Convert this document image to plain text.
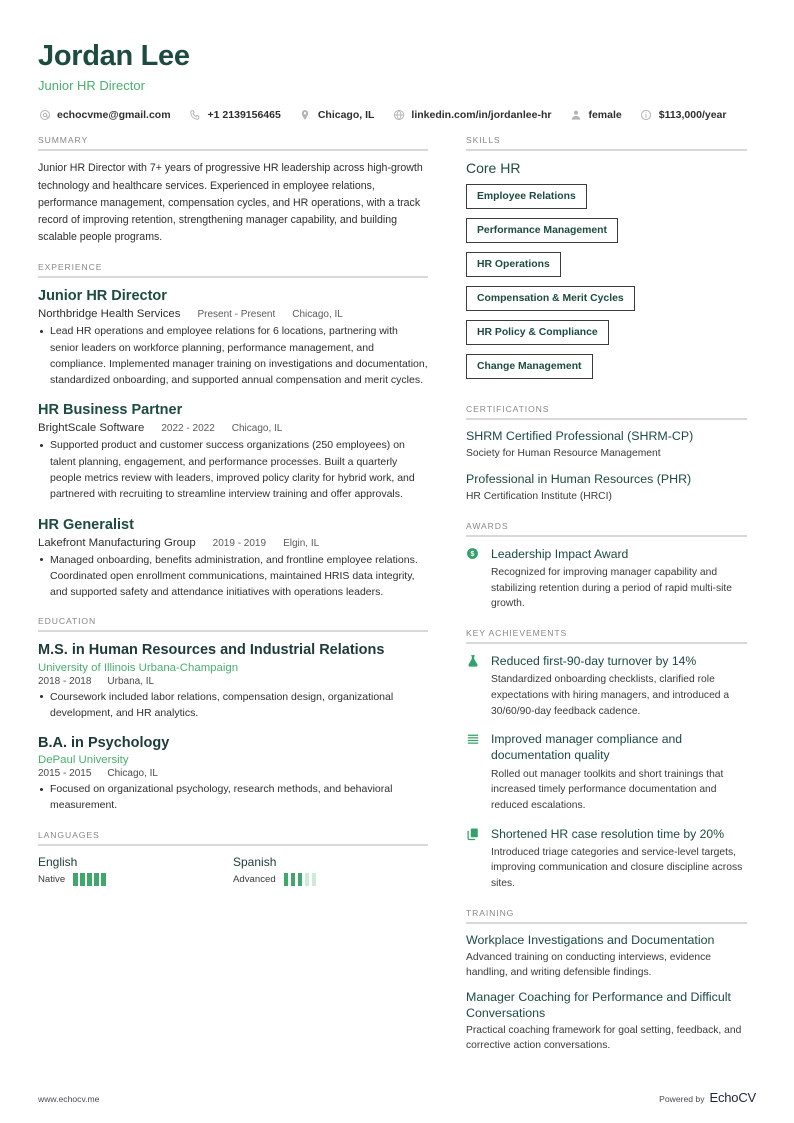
Jordan Lee
Junior HR Director
echocvme@gmail.com	+1 2139156465	Chicago, IL	linkedin.com/in/jordanlee-hr	female	$113,000/year
SUMMARY
Junior HR Director with 7+ years of progressive HR leadership across high-growth technology and healthcare services. Experienced in employee relations, performance management, compensation cycles, and HR operations, with a track record of improving retention, strengthening manager capability, and building scalable people programs.
EXPERIENCE
Junior HR Director
Northbridge Health Services Present - Present Chicago, IL
Lead HR operations and employee relations for 6 locations, partnering with senior leaders on workforce planning, performance management, and compliance. Implemented manager training on investigations and documentation, standardized onboarding, and supported annual compensation and merit cycles.
HR Business Partner
BrightScale Software 2022 - 2022 Chicago, IL
Supported product and customer success organizations (250 employees) on talent planning, engagement, and performance processes. Built a quarterly people metrics review with leaders, improved policy clarity for hybrid work, and partnered with recruiting to streamline interview training and offer approvals.
HR Generalist
Lakefront Manufacturing Group 2019 - 2019 Elgin, IL
Managed onboarding, benefits administration, and frontline employee relations. Coordinated open enrollment communications, maintained HRIS data integrity, and supported safety and attendance initiatives with operations leaders.
EDUCATION
M.S. in Human Resources and Industrial Relations
University of Illinois Urbana-Champaign
2018 - 2018 Urbana, IL
Coursework included labor relations, compensation design, organizational development, and HR analytics.
B.A. in Psychology
DePaul University
2015 - 2015 Chicago, IL
Focused on organizational psychology, research methods, and behavioral measurement.
LANGUAGES
English
Native
Spanish
Advanced
SKILLS
Core HR
Employee Relations
Performance Management
HR Operations
Compensation & Merit Cycles
HR Policy & Compliance
Change Management
CERTIFICATIONS
SHRM Certified Professional (SHRM-CP)
Society for Human Resource Management
Professional in Human Resources (PHR)
HR Certification Institute (HRCI)
AWARDS
$ Leadership Impact Award
Recognized for improving manager capability and stabilizing retention during a period of rapid multi-site growth.
KEY ACHIEVEMENTS
Reduced first-90-day turnover by 14%
Standardized onboarding checklists, clarified role expectations with hiring managers, and introduced a 30/60/90-day feedback cadence.
Improved manager compliance and documentation quality
Rolled out manager toolkits and short trainings that increased timely performance documentation and reduced escalations.
Shortened HR case resolution time by 20%
Introduced triage categories and service-level targets, improving communication and closure discipline across sites.
TRAINING
Workplace Investigations and Documentation
Advanced training on conducting interviews, evidence handling, and writing defensible findings.
Manager Coaching for Performance and Difficult Conversations
Practical coaching framework for goal setting, feedback, and corrective action conversations.
www.echocv.me	Powered by EchoCV
